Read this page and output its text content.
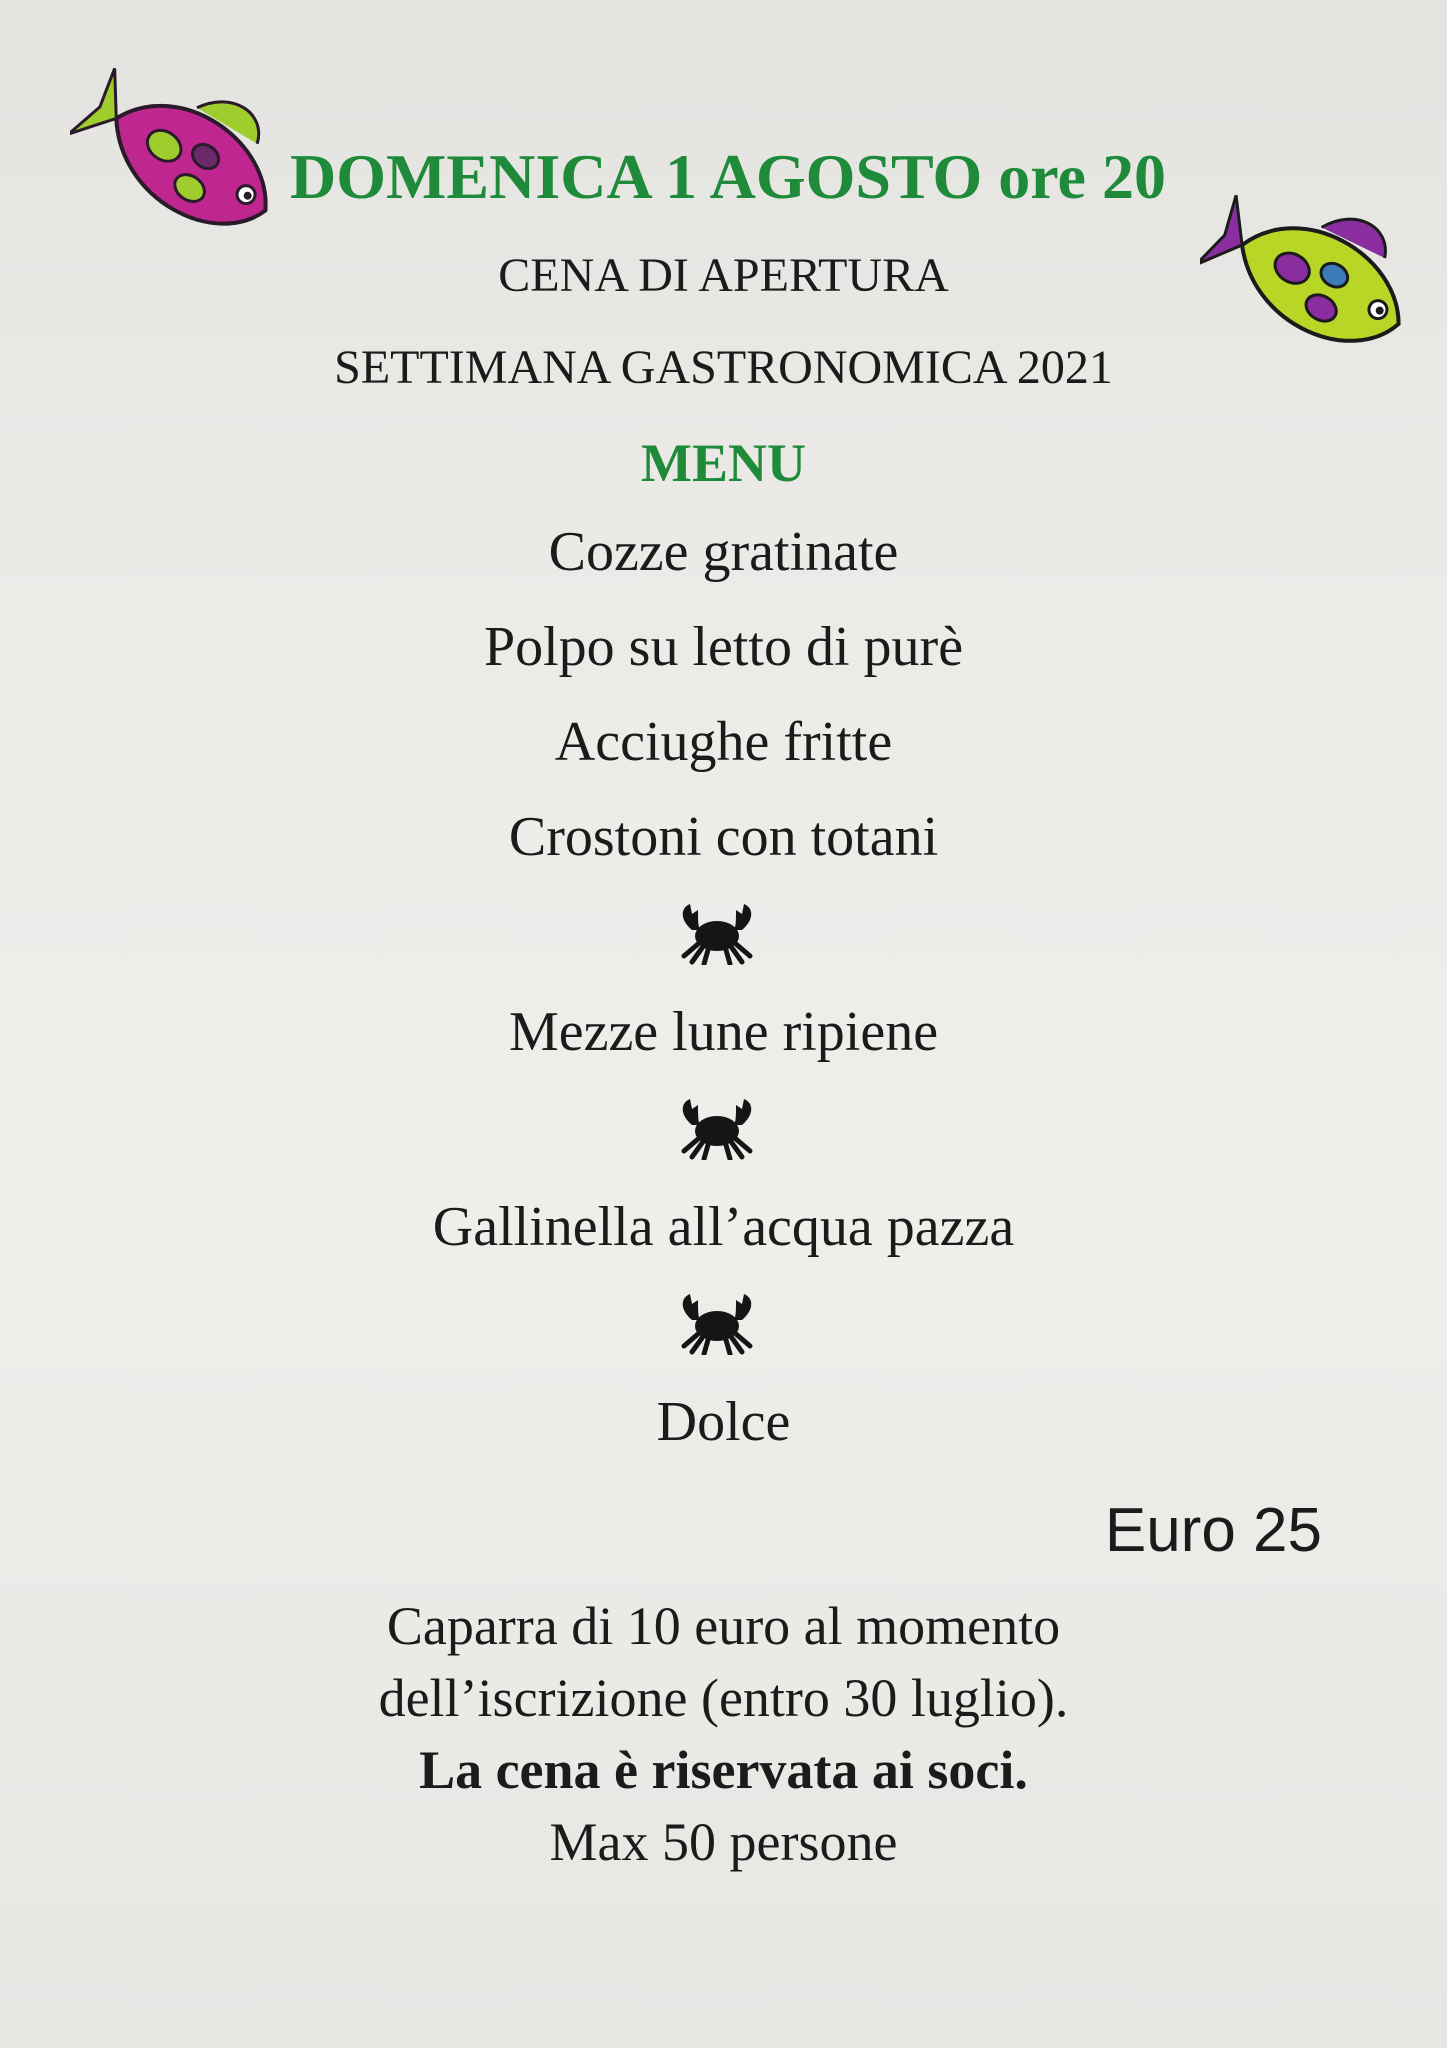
DOMENICA 1 AGOSTO ore 20
CENA DI APERTURA
SETTIMANA GASTRONOMICA 2021
MENU
Cozze gratinate
Polpo su letto di purè
Acciughe fritte
Crostoni con totani
Mezze lune ripiene
Gallinella all’acqua pazza
Dolce
Euro 25
Caparra di 10 euro al momento
dell’iscrizione (entro 30 luglio).
La cena è riservata ai soci.
Max 50 persone
